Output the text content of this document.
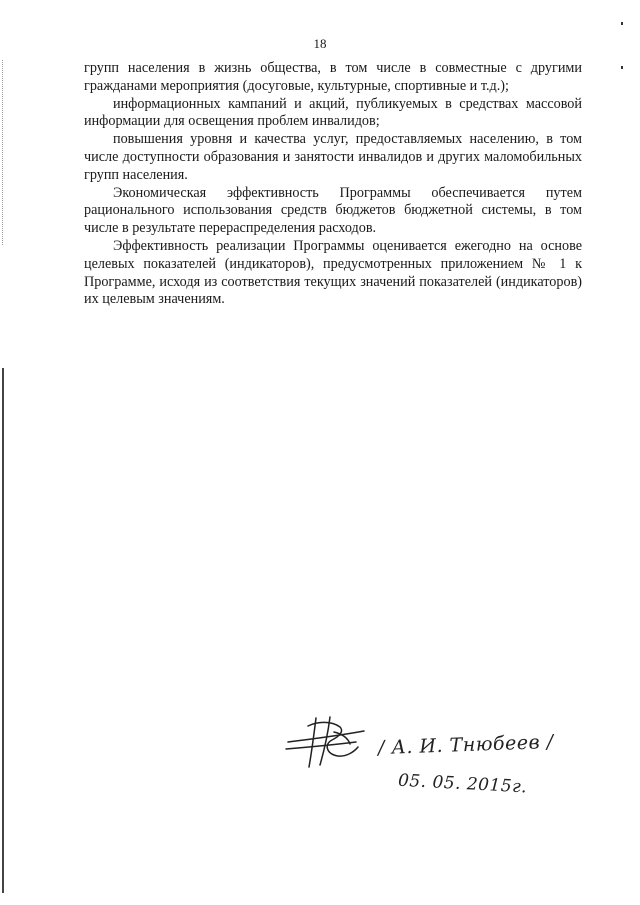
18

групп населения в жизнь общества, в том числе в совместные с другими гражданами мероприятия (досуговые, культурные, спортивные и т.д.);

информационных кампаний и акций, публикуемых в средствах массовой информации для освещения проблем инвалидов;

повышения уровня и качества услуг, предоставляемых населению, в том числе доступности образования и занятости инвалидов и других маломобильных групп населения.

Экономическая эффективность Программы обеспечивается путем рационального использования средств бюджетов бюджетной системы, в том числе в результате перераспределения расходов.

Эффективность реализации Программы оценивается ежегодно на основе целевых показателей (индикаторов), предусмотренных приложением № 1 к Программе, исходя из соответствия текущих значений показателей (индикаторов) их целевым значениям.

/ А. И. Тнюбеев /
05. 05. 2015г.
